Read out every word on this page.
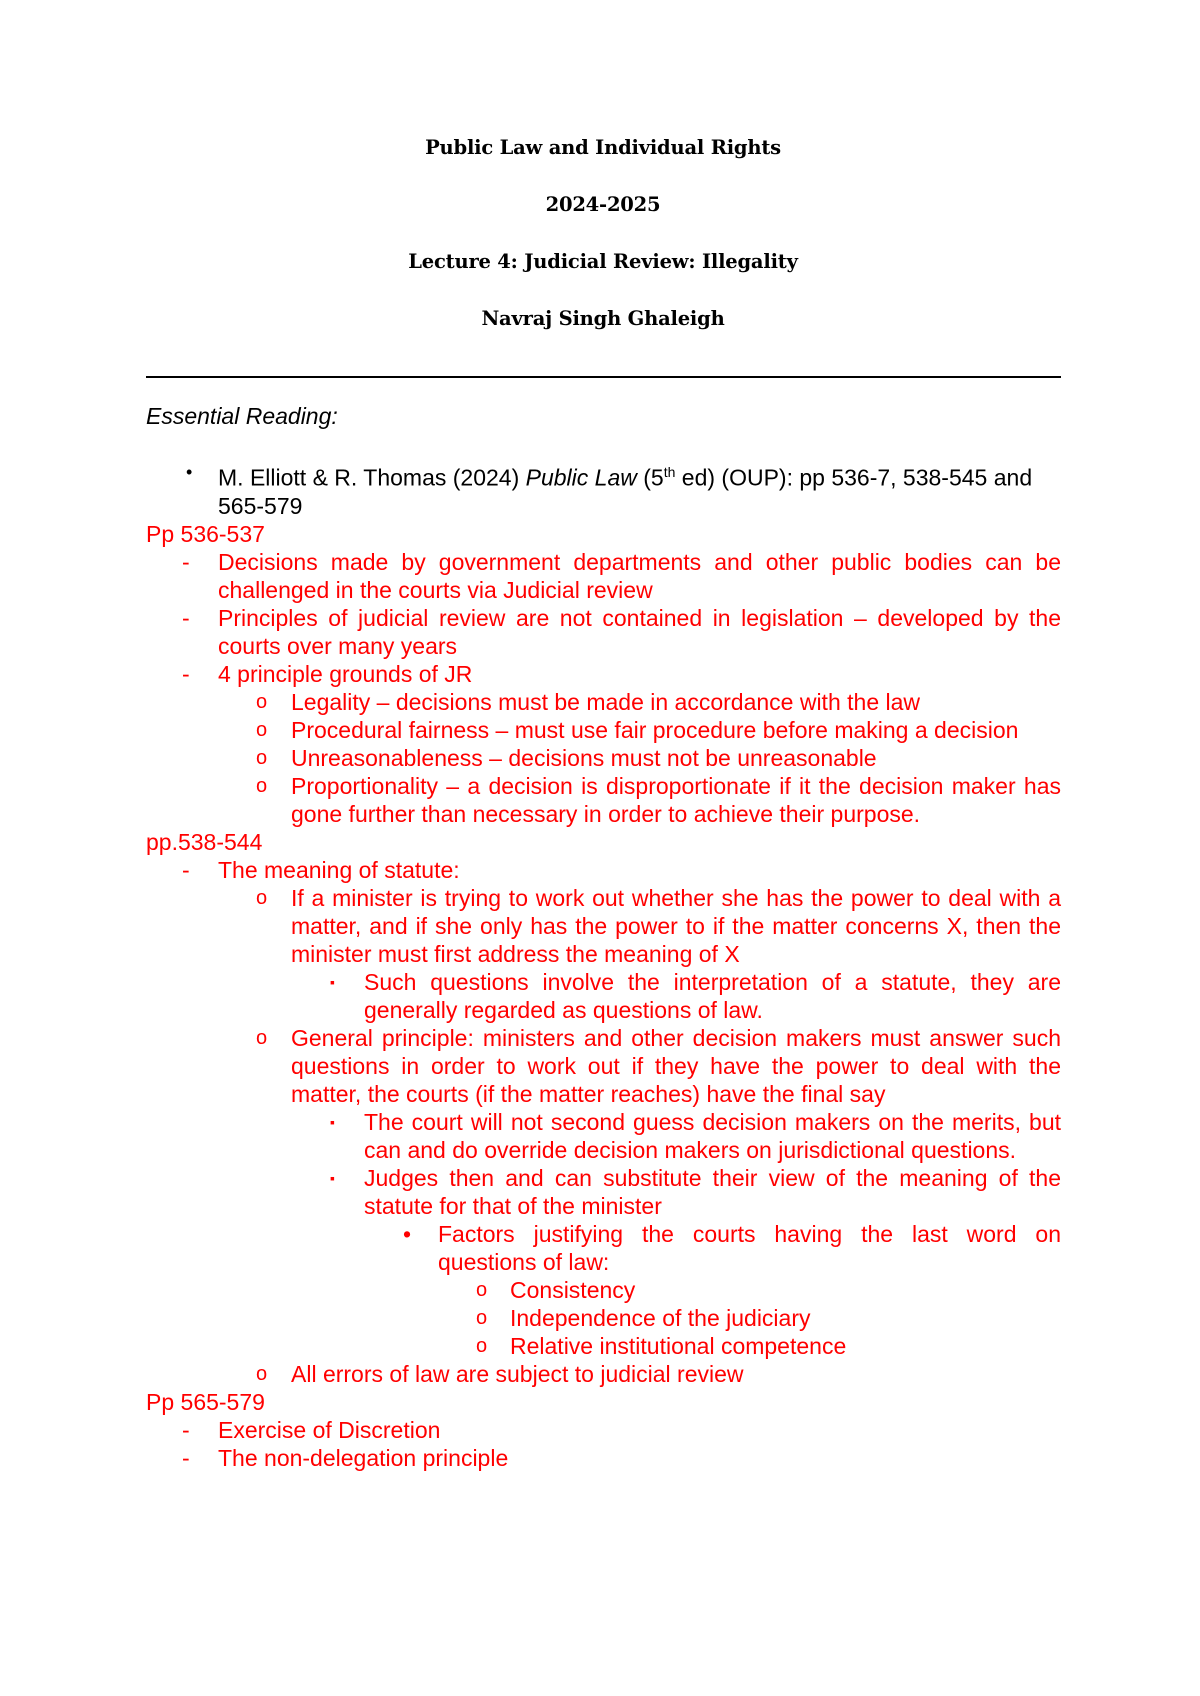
Public Law and Individual Rights
2024-2025
Lecture 4: Judicial Review: Illegality
Navraj Singh Ghaleigh
Essential Reading:
• M. Elliott & R. Thomas (2024) Public Law (5th ed) (OUP): pp 536-7, 538-545 and 565-579
Pp 536-537
- Decisions made by government departments and other public bodies can be challenged in the courts via Judicial review
- Principles of judicial review are not contained in legislation – developed by the courts over many years
- 4 principle grounds of JR
o Legality – decisions must be made in accordance with the law
o Procedural fairness – must use fair procedure before making a decision
o Unreasonableness – decisions must not be unreasonable
o Proportionality – a decision is disproportionate if it the decision maker has gone further than necessary in order to achieve their purpose.
pp.538-544
- The meaning of statute:
o If a minister is trying to work out whether she has the power to deal with a matter, and if she only has the power to if the matter concerns X, then the minister must first address the meaning of X
▪ Such questions involve the interpretation of a statute, they are generally regarded as questions of law.
o General principle: ministers and other decision makers must answer such questions in order to work out if they have the power to deal with the matter, the courts (if the matter reaches) have the final say
▪ The court will not second guess decision makers on the merits, but can and do override decision makers on jurisdictional questions.
▪ Judges then and can substitute their view of the meaning of the statute for that of the minister
• Factors justifying the courts having the last word on questions of law:
o Consistency
o Independence of the judiciary
o Relative institutional competence
o All errors of law are subject to judicial review
Pp 565-579
- Exercise of Discretion
- The non-delegation principle
